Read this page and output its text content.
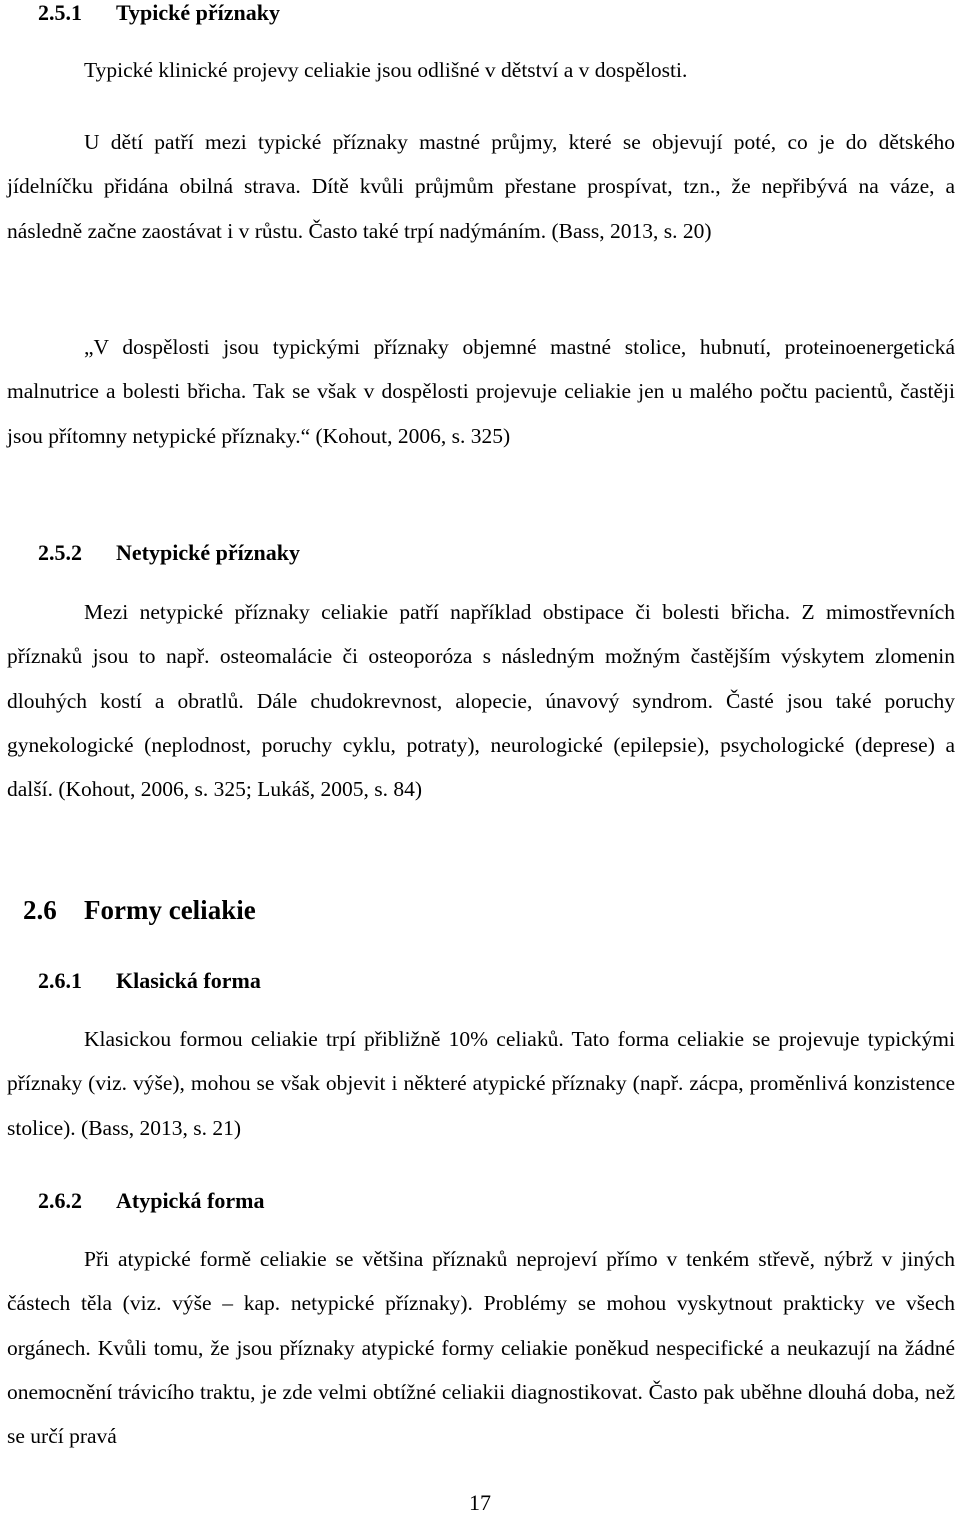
2.5.1 Typické příznaky

Typické klinické projevy celiakie jsou odlišné v dětství a v dospělosti.

U dětí patří mezi typické příznaky mastné průjmy, které se objevují poté, co je do dětského jídelníčku přidána obilná strava. Dítě kvůli průjmům přestane prospívat, tzn., že nepřibývá na váze, a následně začne zaostávat i v růstu. Často také trpí nadýmáním. (Bass, 2013, s. 20)

„V dospělosti jsou typickými příznaky objemné mastné stolice, hubnutí, proteinoenergetická malnutrice a bolesti břicha. Tak se však v dospělosti projevuje celiakie jen u malého počtu pacientů, častěji jsou přítomny netypické příznaky.“ (Kohout, 2006, s. 325)

2.5.2 Netypické příznaky

Mezi netypické příznaky celiakie patří například obstipace či bolesti břicha. Z mimostřevních příznaků jsou to např. osteomalácie či osteoporóza s následným možným častějším výskytem zlomenin dlouhých kostí a obratlů. Dále chudokrevnost, alopecie, únavový syndrom. Časté jsou také poruchy gynekologické (neplodnost, poruchy cyklu, potraty), neurologické (epilepsie), psychologické (deprese) a další. (Kohout, 2006, s. 325; Lukáš, 2005, s. 84)

2.6 Formy celiakie
2.6.1 Klasická forma

Klasickou formou celiakie trpí přibližně 10% celiaků. Tato forma celiakie se projevuje typickými příznaky (viz. výše), mohou se však objevit i některé atypické příznaky (např. zácpa, proměnlivá konzistence stolice). (Bass, 2013, s. 21)

2.6.2 Atypická forma

Při atypické formě celiakie se většina příznaků neprojeví přímo v tenkém střevě, nýbrž v jiných částech těla (viz. výše – kap. netypické příznaky). Problémy se mohou vyskytnout prakticky ve všech orgánech. Kvůli tomu, že jsou příznaky atypické formy celiakie poněkud nespecifické a neukazují na žádné onemocnění trávicího traktu, je zde velmi obtížné celiakii diagnostikovat. Často pak uběhne dlouhá doba, než se určí pravá

17
